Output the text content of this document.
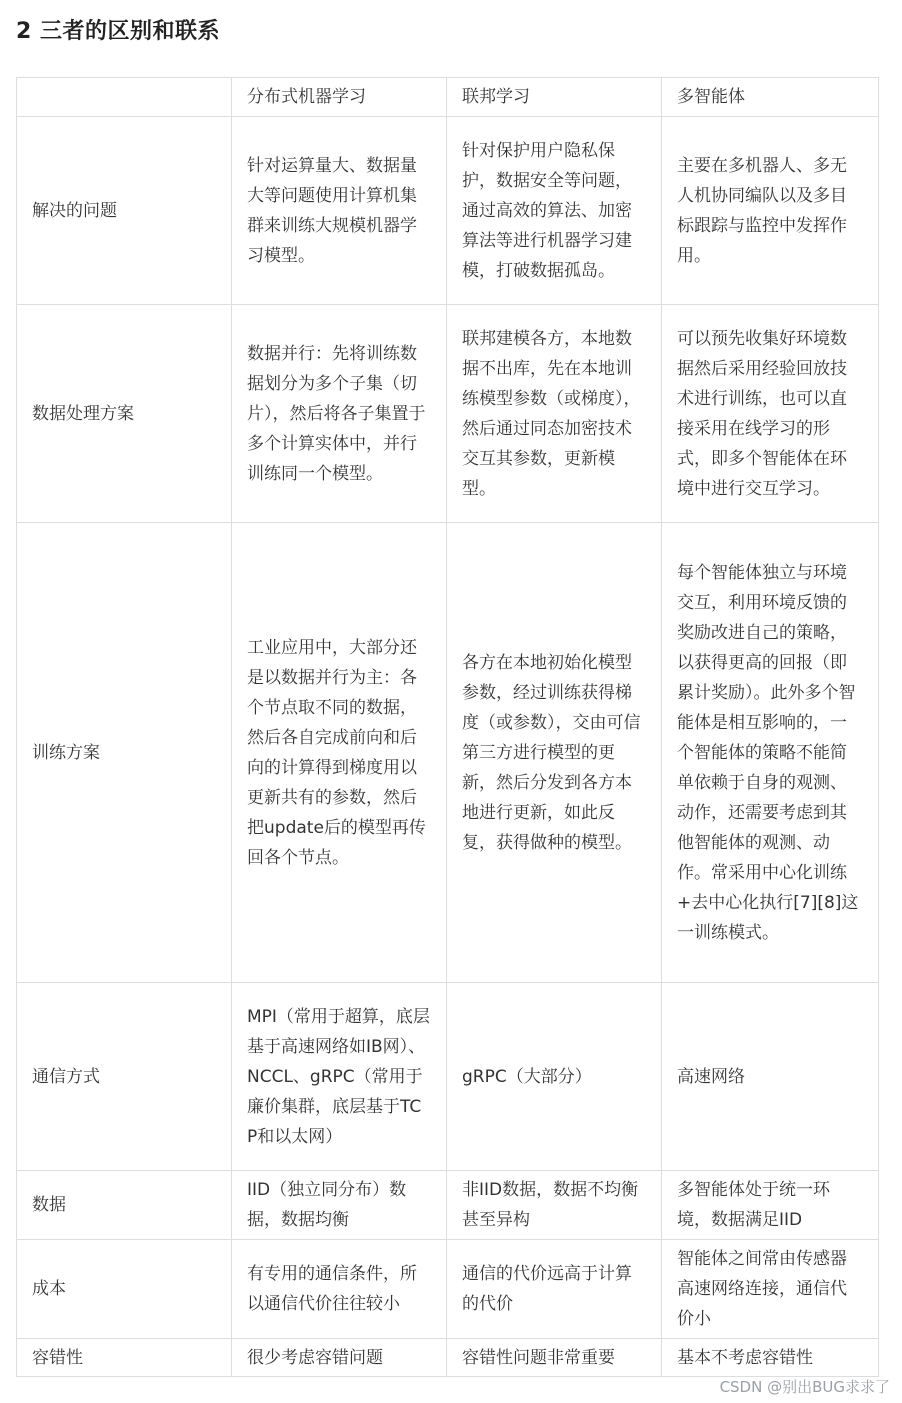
2 三者的区别和联系
	分布式机器学习	联邦学习	多智能体
解决的问题	针对运算量大、数据量大等问题使用计算机集群来训练大规模机器学习模型。	针对保护用户隐私保护，数据安全等问题，通过高效的算法、加密算法等进行机器学习建模，打破数据孤岛。	主要在多机器人、多无人机协同编队以及多目标跟踪与监控中发挥作用。
数据处理方案	数据并行：先将训练数据划分为多个子集（切片），然后将各子集置于多个计算实体中，并行训练同一个模型。	联邦建模各方，本地数据不出库，先在本地训练模型参数（或梯度），然后通过同态加密技术交互其参数，更新模型。	可以预先收集好环境数据然后采用经验回放技术进行训练，也可以直接采用在线学习的形式，即多个智能体在环境中进行交互学习。
训练方案	工业应用中，大部分还是以数据并行为主：各个节点取不同的数据，然后各自完成前向和后向的计算得到梯度用以更新共有的参数，然后把update后的模型再传回各个节点。	各方在本地初始化模型参数，经过训练获得梯度（或参数），交由可信第三方进行模型的更新，然后分发到各方本地进行更新，如此反复，获得做种的模型。	每个智能体独立与环境交互，利用环境反馈的奖励改进自己的策略，以获得更高的回报（即累计奖励）。此外多个智能体是相互影响的，一个智能体的策略不能简单依赖于自身的观测、动作，还需要考虑到其他智能体的观测、动作。常采用中心化训练+去中心化执行[7][8]这一训练模式。
通信方式	MPI（常用于超算，底层基于高速网络如IB网）、NCCL、gRPC（常用于廉价集群，底层基于TCP和以太网）	gRPC（大部分）	高速网络
数据	IID（独立同分布）数据，数据均衡	非IID数据，数据不均衡甚至异构	多智能体处于统一环境，数据满足IID
成本	有专用的通信条件，所以通信代价往往较小	通信的代价远高于计算的代价	智能体之间常由传感器高速网络连接，通信代价小
容错性	很少考虑容错问题	容错性问题非常重要	基本不考虑容错性
CSDN @别出BUG求求了
